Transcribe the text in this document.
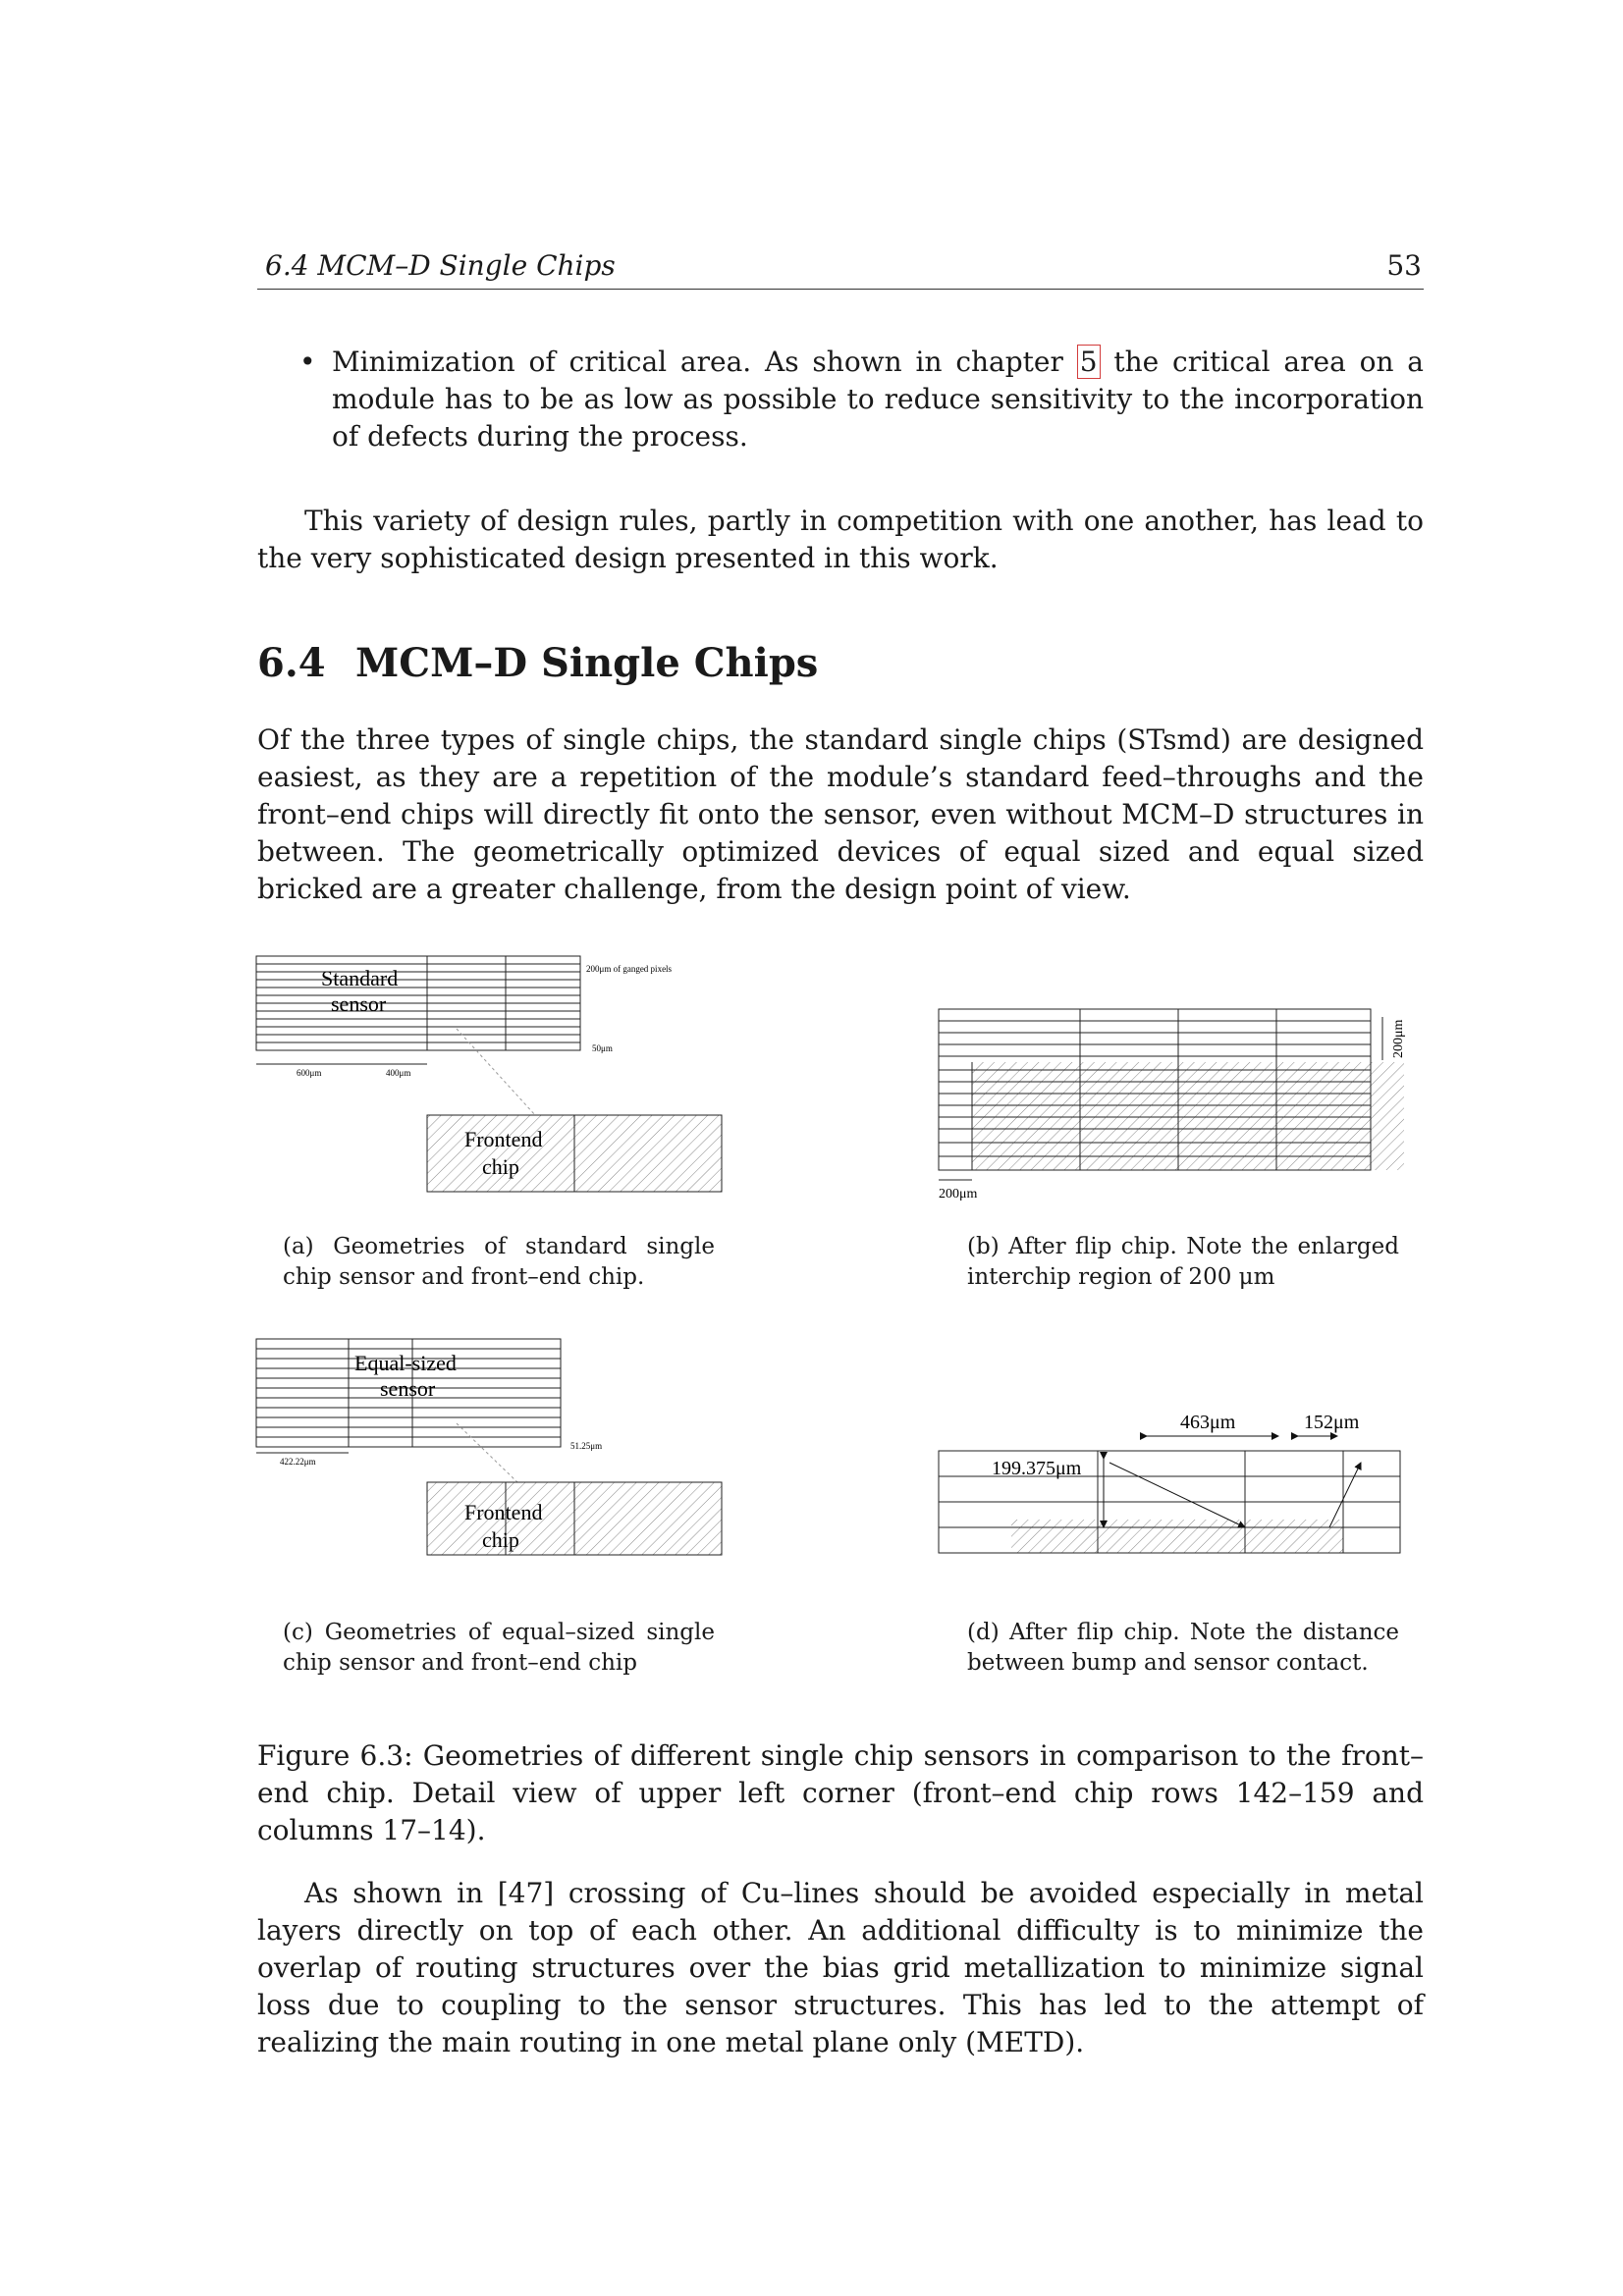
6.4 MCM–D Single Chips	53
• Minimization of critical area. As shown in chapter 5 the critical area on a module has to be as low as possible to reduce sensitivity to the incorporation of defects during the process.

This variety of design rules, partly in competition with one another, has lead to the very sophisticated design presented in this work.

6.4 MCM–D Single Chips

Of the three types of single chips, the standard single chips (STsmd) are designed easiest, as they are a repetition of the module’s standard feed–throughs and the front–end chips will directly fit onto the sensor, even without MCM–D structures in between. The geometrically optimized devices of equal sized and equal sized bricked are a greater challenge, from the design point of view.

Standard
sensor
200μm of ganged pixels
50μm
600μm	400μm
Frontend
chip
(a) Geometries of standard single chip sensor and front–end chip.
200μm
200μm
(b) After flip chip. Note the enlarged interchip region of 200 μm
Equal-sized
sensor
51.25μm
422.22μm
Frontend
chip
(c) Geometries of equal–sized single chip sensor and front–end chip
463μm	152μm
199.375μm
(d) After flip chip. Note the distance between bump and sensor contact.

Figure 6.3: Geometries of different single chip sensors in comparison to the front–end chip. Detail view of upper left corner (front–end chip rows 142–159 and columns 17–14).

As shown in [47] crossing of Cu–lines should be avoided especially in metal layers directly on top of each other. An additional difficulty is to minimize the overlap of routing structures over the bias grid metallization to minimize signal loss due to coupling to the sensor structures. This has led to the attempt of realizing the main routing in one metal plane only (METD).
